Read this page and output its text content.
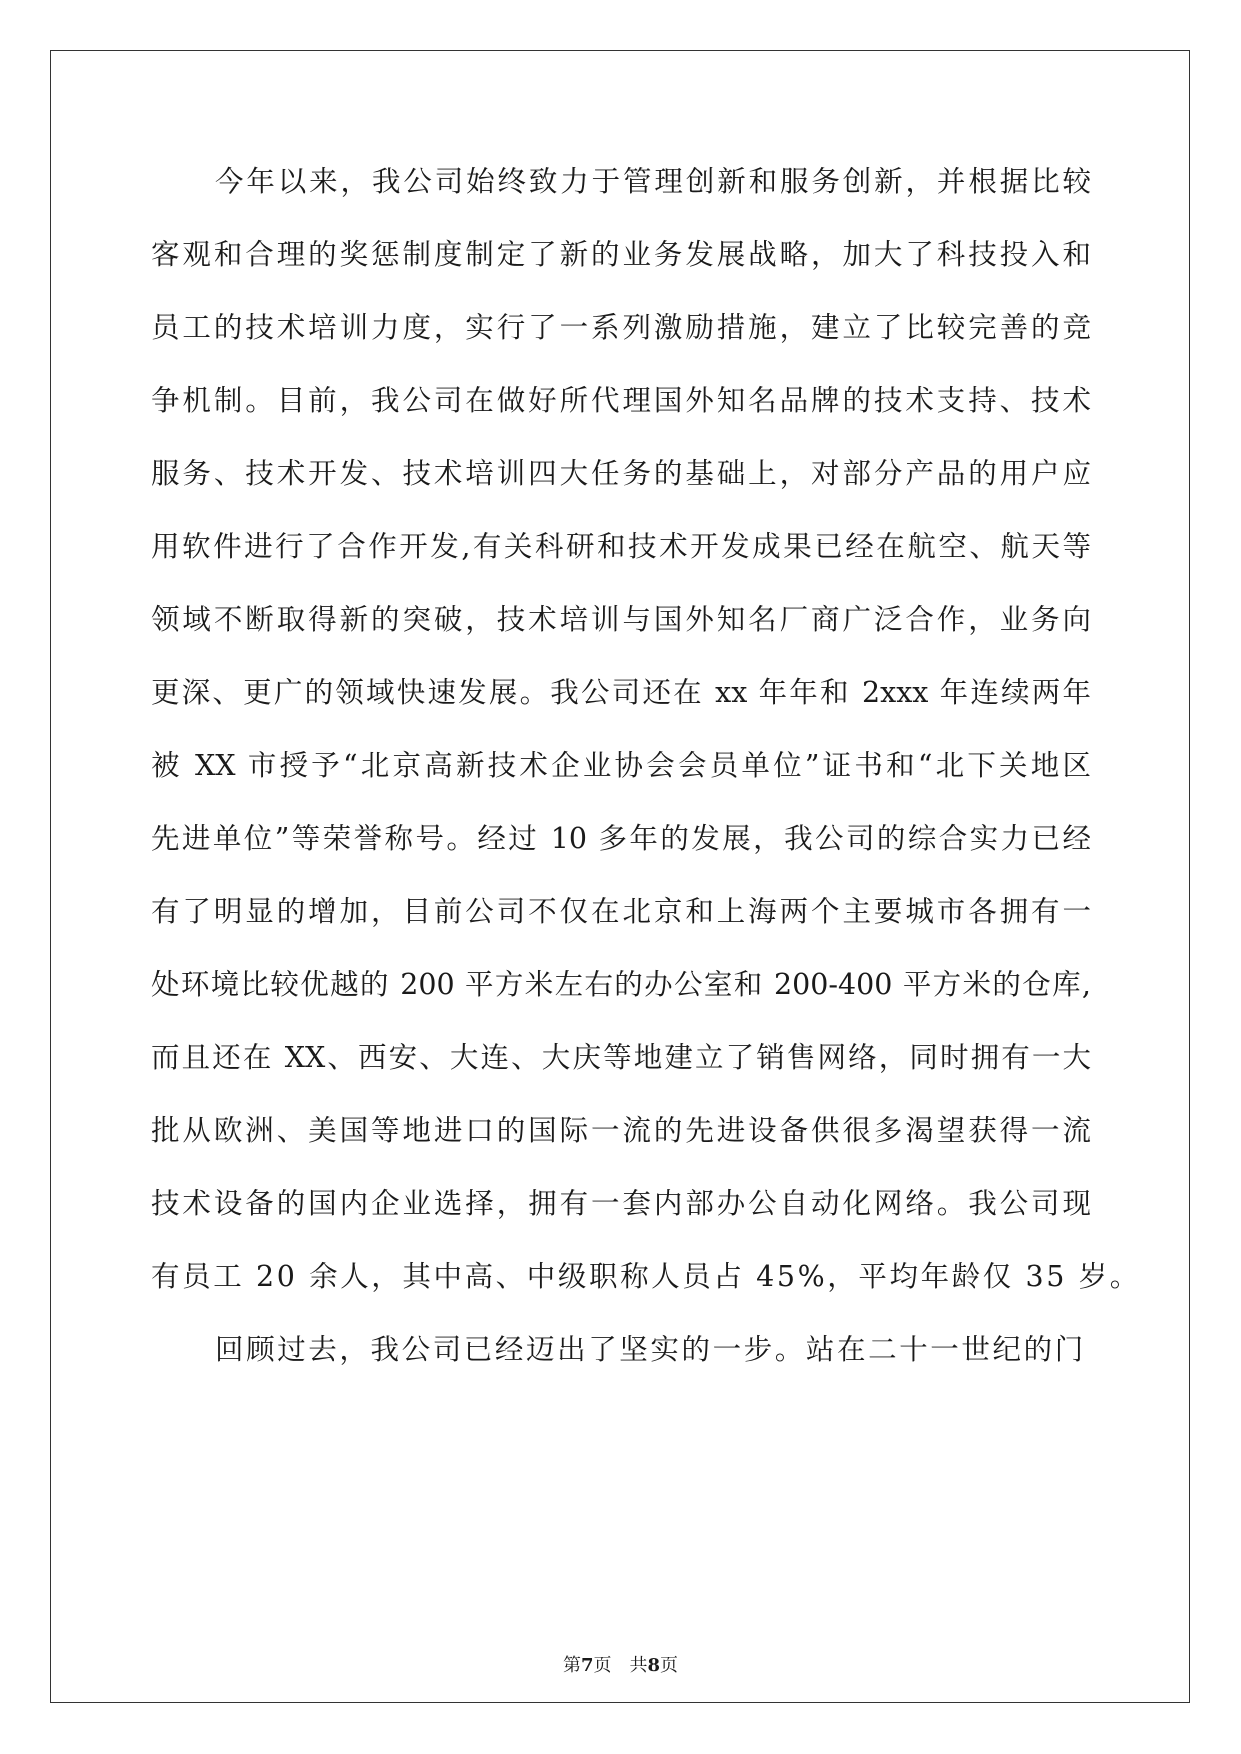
今年以来，我公司始终致力于管理创新和服务创新，并根据比较
客观和合理的奖惩制度制定了新的业务发展战略，加大了科技投入和
员工的技术培训力度，实行了一系列激励措施，建立了比较完善的竞
争机制。目前，我公司在做好所代理国外知名品牌的技术支持、技术
服务、技术开发、技术培训四大任务的基础上，对部分产品的用户应
用软件进行了合作开发,有关科研和技术开发成果已经在航空、航天等
领域不断取得新的突破，技术培训与国外知名厂商广泛合作，业务向
更深、更广的领域快速发展。我公司还在 xx 年年和 2xxx 年连续两年
被 XX 市授予“北京高新技术企业协会会员单位”证书和“北下关地区
先进单位”等荣誉称号。经过 10 多年的发展，我公司的综合实力已经
有了明显的增加，目前公司不仅在北京和上海两个主要城市各拥有一
处环境比较优越的 200 平方米左右的办公室和 200-400 平方米的仓库,
而且还在 XX、西安、大连、大庆等地建立了销售网络，同时拥有一大
批从欧洲、美国等地进口的国际一流的先进设备供很多渴望获得一流
技术设备的国内企业选择，拥有一套内部办公自动化网络。我公司现
有员工 20 余人，其中高、中级职称人员占 45%，平均年龄仅 35 岁。
回顾过去，我公司已经迈出了坚实的一步。站在二十一世纪的门
第7页 共8页
